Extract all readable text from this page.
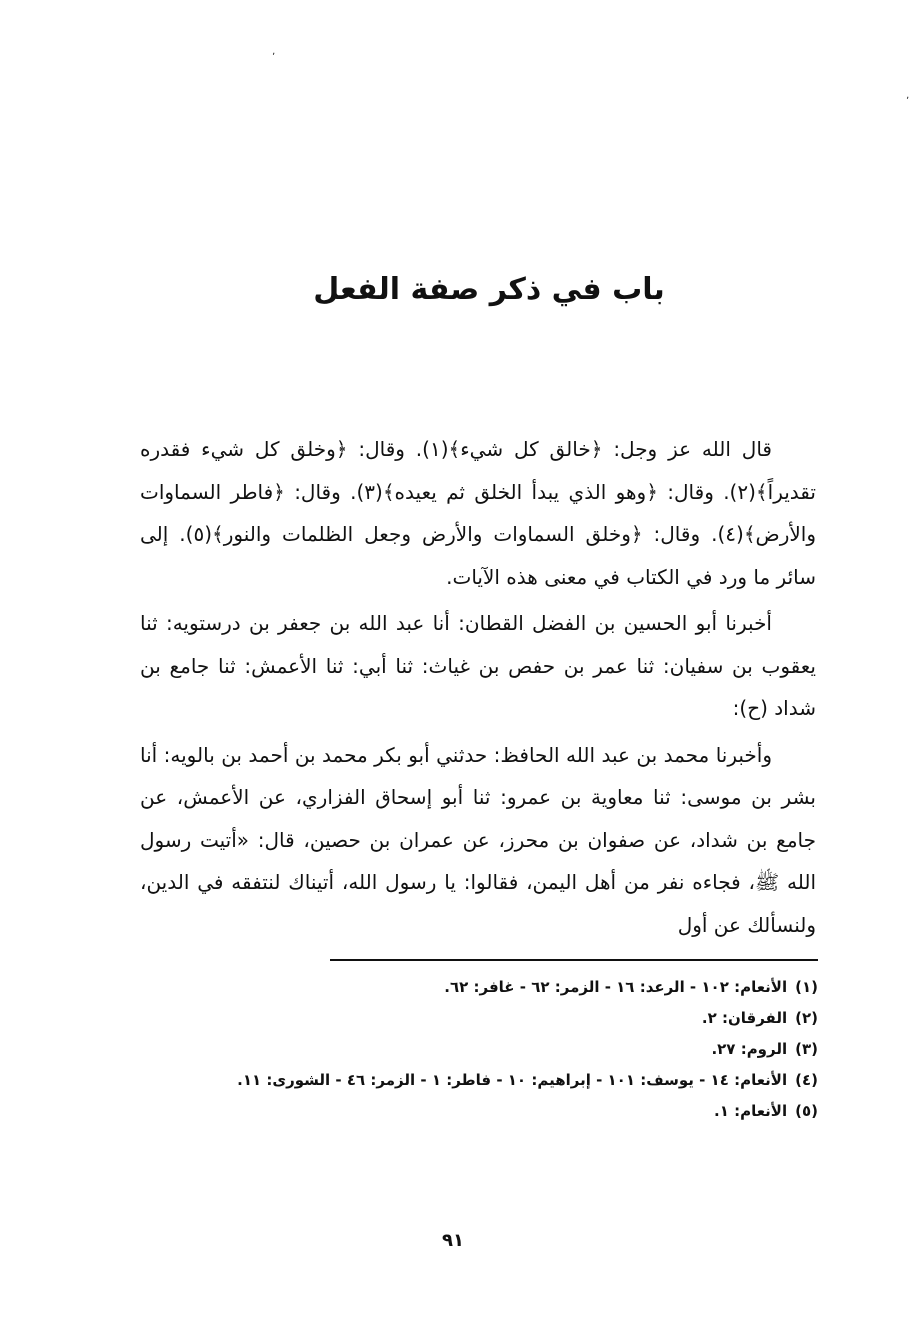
٬
٬
باب في ذكر صفة الفعل

قال الله عز وجل: ﴿خالق كل شيء﴾(١). وقال: ﴿وخلق كل شيء فقدره تقديراً﴾(٢). وقال: ﴿وهو الذي يبدأ الخلق ثم يعيده﴾(٣). وقال: ﴿فاطر السماوات والأرض﴾(٤). وقال: ﴿وخلق السماوات والأرض وجعل الظلمات والنور﴾(٥). إلى سائر ما ورد في الكتاب في معنى هذه الآيات.

أخبرنا أبو الحسين بن الفضل القطان: أنا عبد الله بن جعفر بن درستويه: ثنا يعقوب بن سفيان: ثنا عمر بن حفص بن غياث: ثنا أبي: ثنا الأعمش: ثنا جامع بن شداد (ح):

وأخبرنا محمد بن عبد الله الحافظ: حدثني أبو بكر محمد بن أحمد بن بالويه: أنا بشر بن موسى: ثنا معاوية بن عمرو: ثنا أبو إسحاق الفزاري، عن الأعمش، عن جامع بن شداد، عن صفوان بن محرز، عن عمران بن حصين، قال: «أتيت رسول الله ﷺ، فجاءه نفر من أهل اليمن، فقالوا: يا رسول الله، أتيناك لنتفقه في الدين، ولنسألك عن أول

(١)
الأنعام: ١٠٢ - الرعد: ١٦ - الزمر: ٦٢ - غافر: ٦٢.
(٢)
الفرقان: ٢.
(٣)
الروم: ٢٧.
(٤)
الأنعام: ١٤ - يوسف: ١٠١ - إبراهيم: ١٠ - فاطر: ١ - الزمر: ٤٦ - الشورى: ١١.
(٥)
الأنعام: ١.
٩١
